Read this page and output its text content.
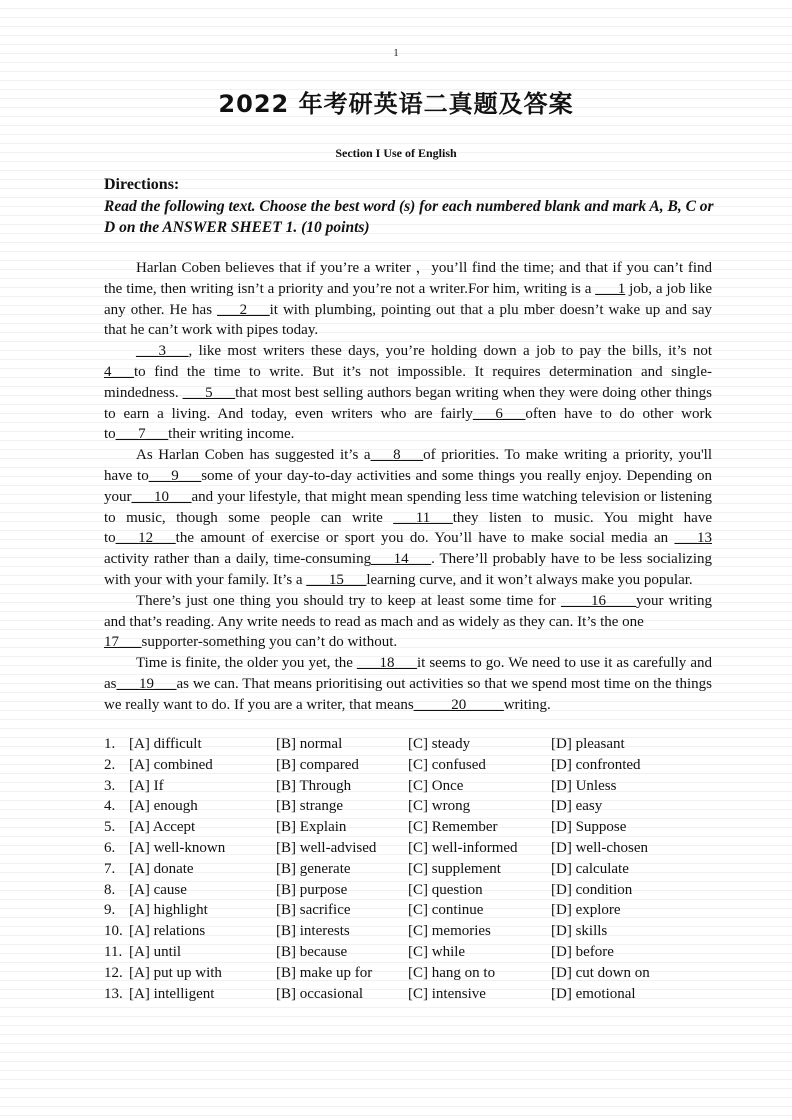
1
2022 年考研英语二真题及答案
Section I Use of English
Directions:
Read the following text. Choose the best word (s) for each numbered blank and mark A, B, C or D on the ANSWER SHEET 1. (10 points)

Harlan Coben believes that if you’re a writer ，you’ll find the time; and that if you can’t find the time, then writing isn’t a priority and you’re not a writer.For him, writing is a ___1 job, a job like any other. He has ___2___it with plumbing, pointing out that a plu mber doesn’t wake up and say that he can’t work with pipes today.

___3___, like most writers these days, you’re holding down a job to pay the bills, it’s not 4___to find the time to write. But it’s not impossible. It requires determination and single-mindedness. ___5___that most best selling authors began writing when they were doing other things to earn a living. And today, even writers who are fairly___6___often have to do other work to___7___their writing income.

As Harlan Coben has suggested it’s a___8___of priorities. To make writing a priority, you'll have to___9___some of your day-to-day activities and some things you really enjoy. Depending on your___10___and your lifestyle, that might mean spending less time watching television or listening to music, though some people can write ___11___they listen to music. You might have to___12___the amount of exercise or sport you do. You’ll have to make social media an ___13 activity rather than a daily, time-consuming___14___. There’ll probably have to be less socializing with your with your family. It’s a ___15___learning curve, and it won’t always make you popular.

There’s just one thing you should try to keep at least some time for ____16____your writing and that’s reading. Any write needs to read as mach and as widely as they can. It’s the one

17___supporter-something you can’t do without.

Time is finite, the older you yet, the ___18___it seems to go. We need to use it as carefully and as___19___as we can. That means prioritising out activities so that we spend most time on the things we really want to do. If you are a writer, that means_____20_____writing.

1. [A] difficult	[B] normal	[C] steady	[D] pleasant
2. [A] combined	[B] compared	[C] confused	[D] confronted
3. [A] If	[B] Through	[C] Once	[D] Unless
4. [A] enough	[B] strange	[C] wrong	[D] easy
5. [A] Accept	[B] Explain	[C] Remember	[D] Suppose
6. [A] well-known	[B] well-advised [C] well-informed [D] well-chosen
7. [A] donate	[B] generate	[C] supplement	[D] calculate
8. [A] cause	[B] purpose	[C] question	[D] condition
9. [A] highlight	[B] sacrifice	[C] continue	[D] explore
10. [A] relations	[B] interests	[C] memories	[D] skills
11. [A] until	[B] because	[C] while	[D] before
12. [A] put up with	[B] make up for [C] hang on to	[D] cut down on
13. [A] intelligent	[B] occasional	[C] intensive	[D] emotional
